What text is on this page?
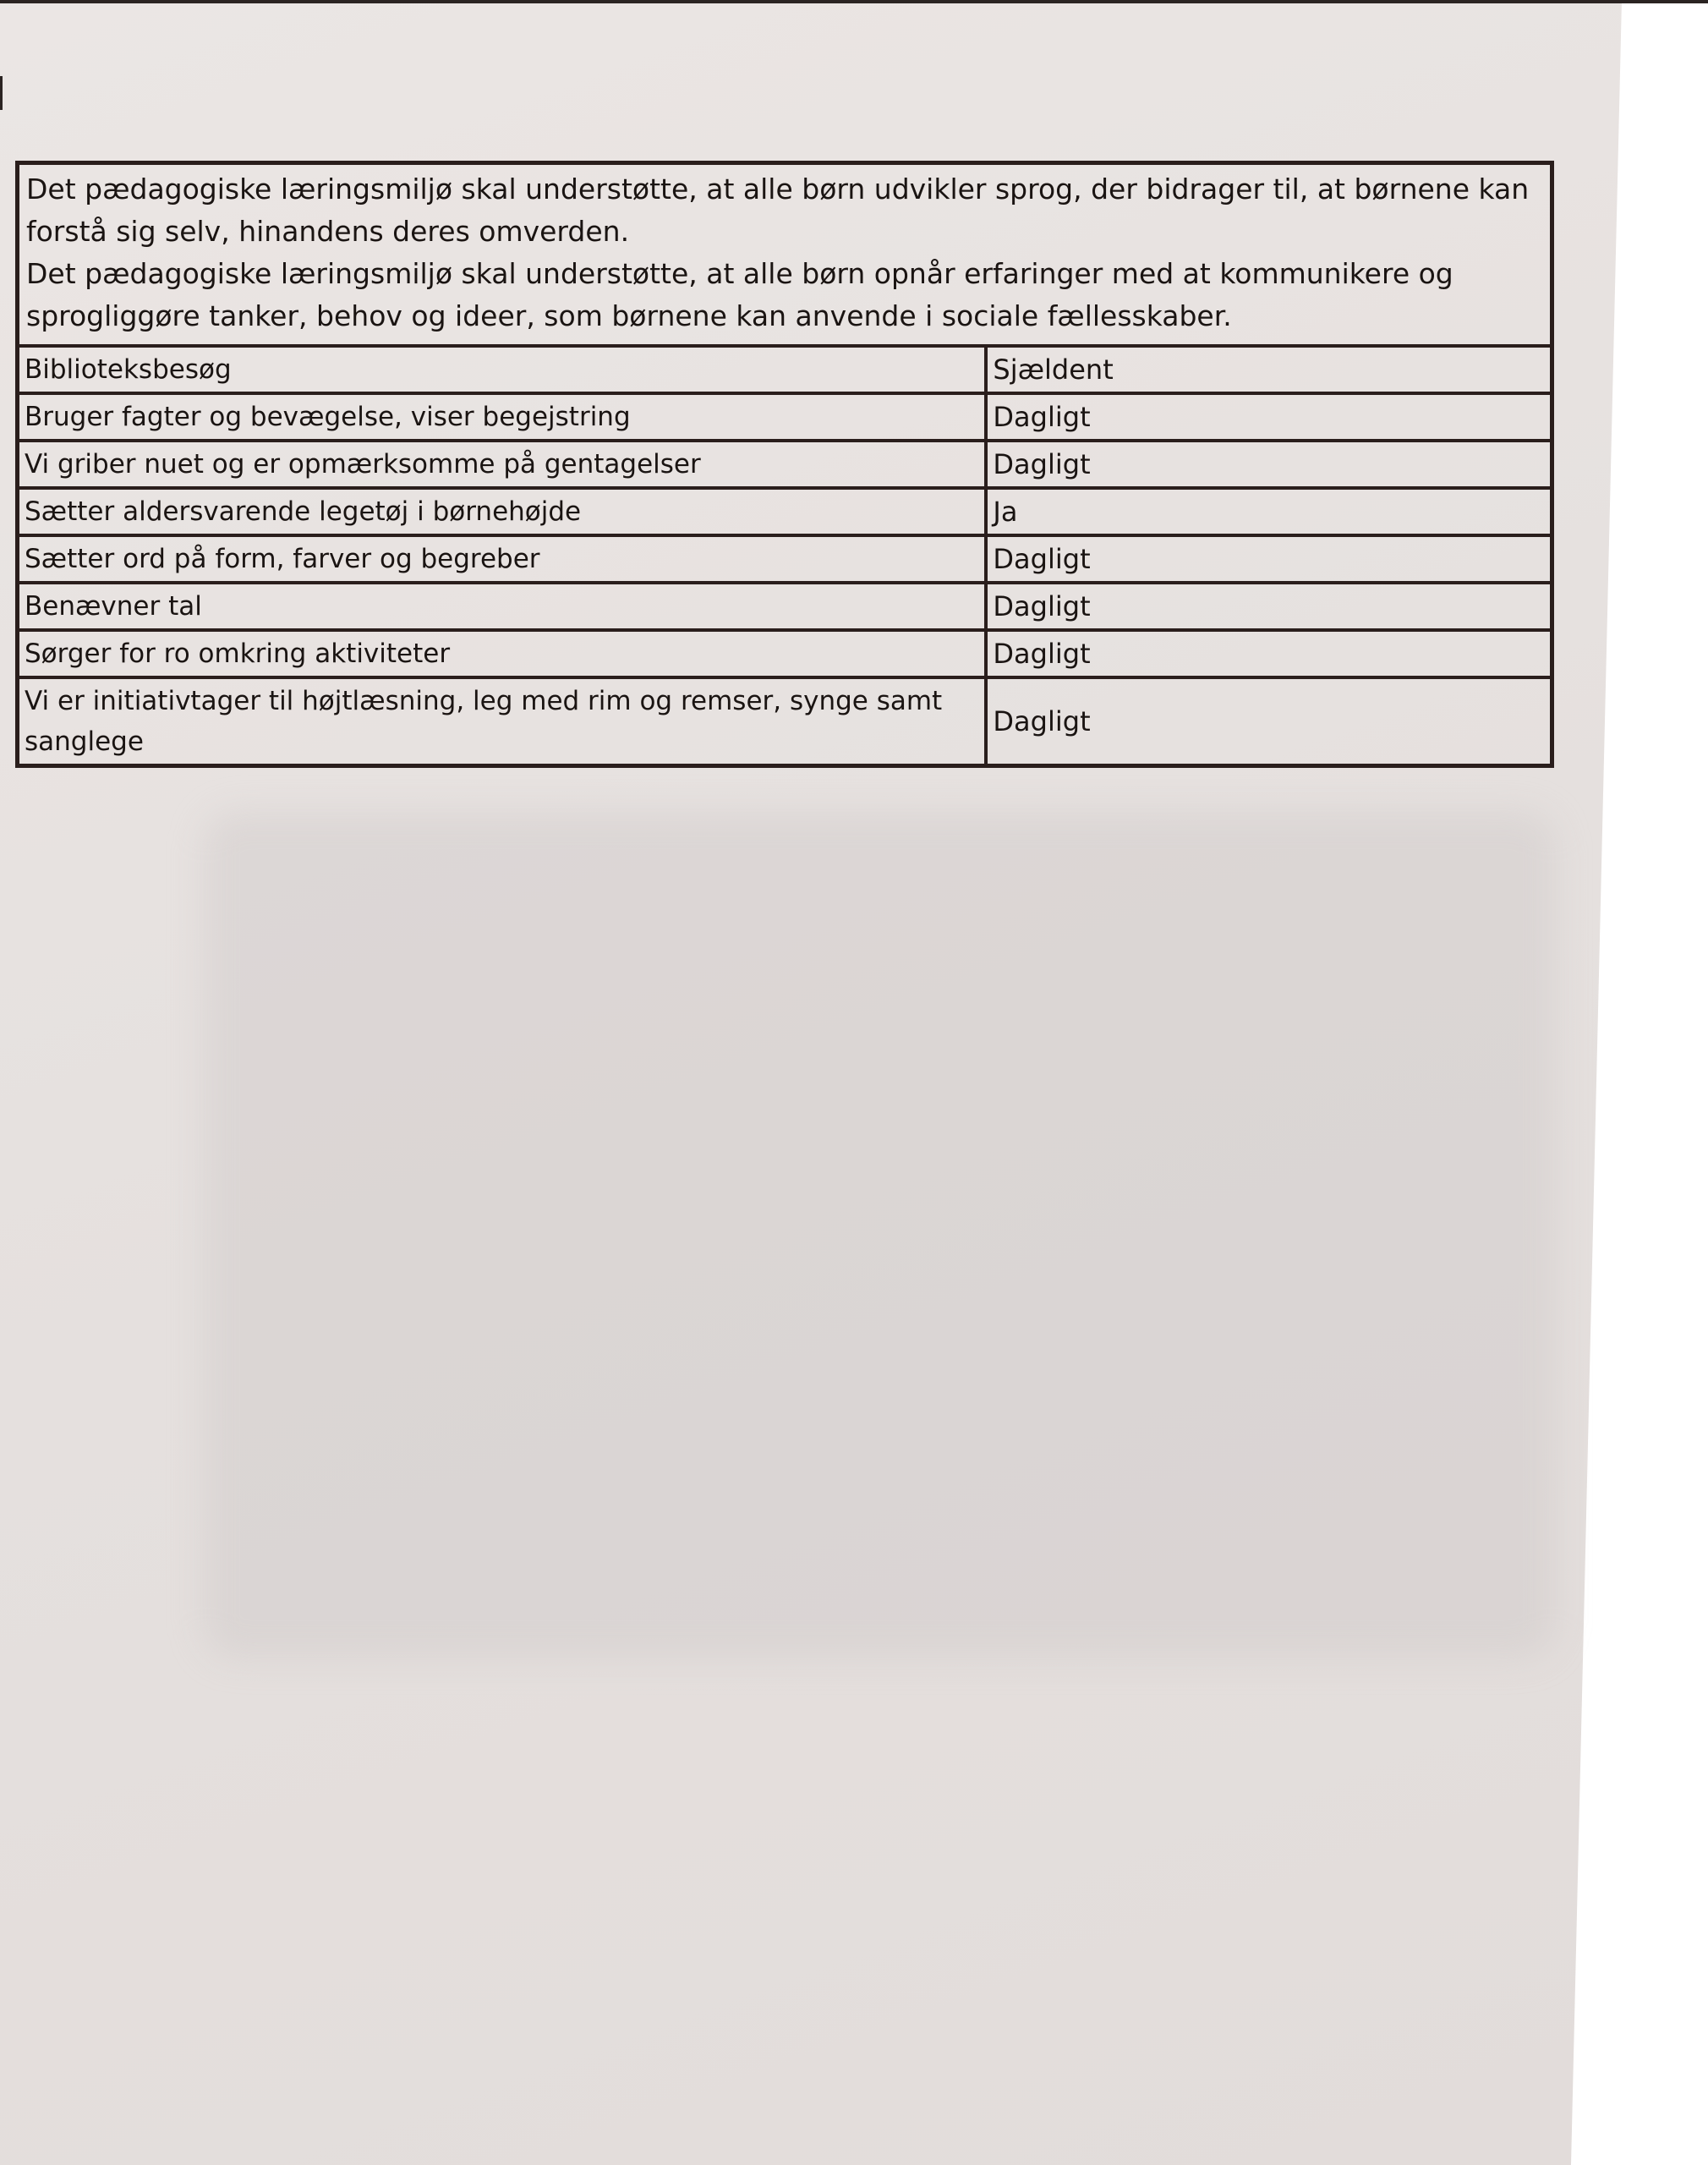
Det pædagogiske læringsmiljø skal understøtte, at alle børn udvikler sprog, der bidrager til, at børnene kan forstå sig selv, hinandens deres omverden.

Det pædagogiske læringsmiljø skal understøtte, at alle børn opnår erfaringer med at kommunikere og sprogliggøre tanker, behov og ideer, som børnene kan anvende i sociale fællesskaber.	

Biblioteksbesøg	Sjældent
Bruger fagter og bevægelse, viser begejstring	Dagligt
Vi griber nuet og er opmærksomme på gentagelser	Dagligt
Sætter aldersvarende legetøj i børnehøjde	Ja
Sætter ord på form, farver og begreber	Dagligt
Benævner tal	Dagligt
Sørger for ro omkring aktiviteter	Dagligt
Vi er initiativtager til højtlæsning, leg med rim og remser, synge samt sanglege	Dagligt
